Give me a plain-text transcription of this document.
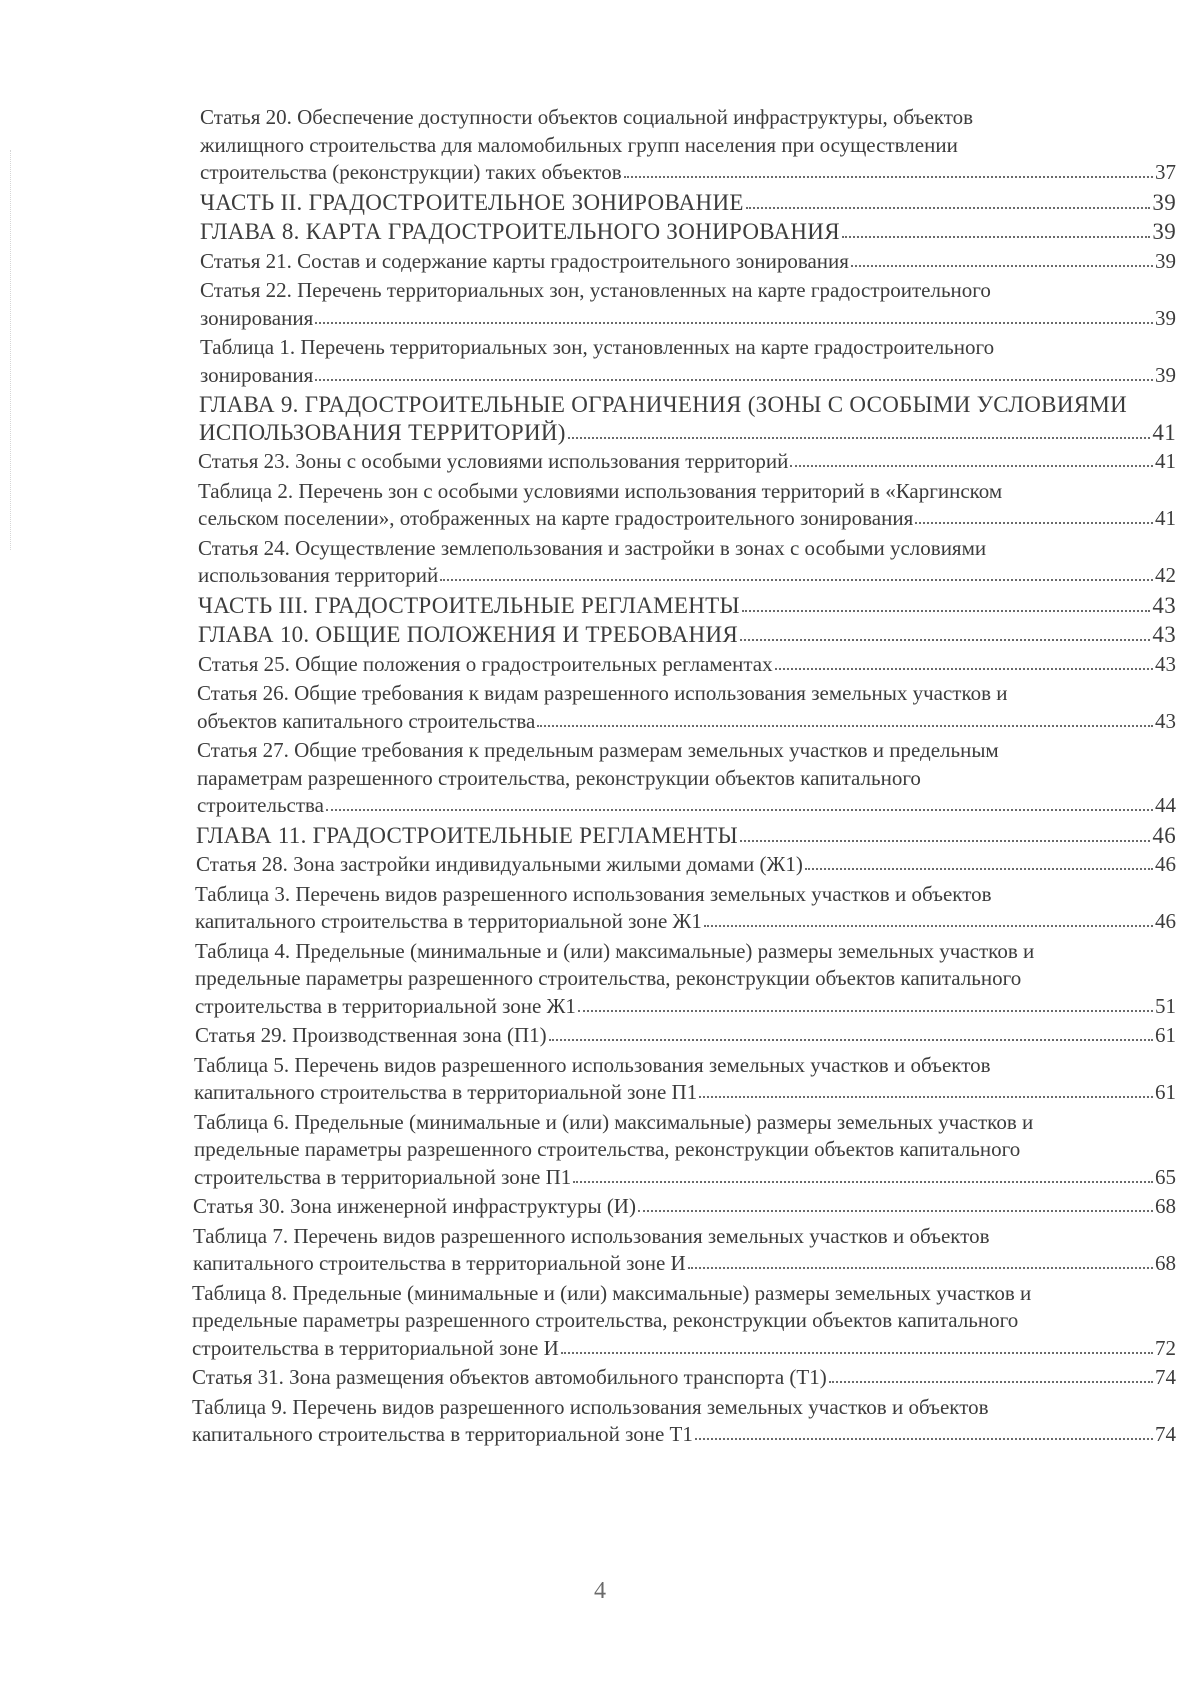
Статья 20. Обеспечение доступности объектов социальной инфраструктуры, объектов
жилищного строительства для маломобильных групп населения при осуществлении
строительства (реконструкции) таких объектов	37
ЧАСТЬ II. ГРАДОСТРОИТЕЛЬНОЕ ЗОНИРОВАНИЕ	39
ГЛАВА 8. КАРТА ГРАДОСТРОИТЕЛЬНОГО ЗОНИРОВАНИЯ	39
Статья 21. Состав и содержание карты градостроительного зонирования	39
Статья 22. Перечень территориальных зон, установленных на карте градостроительного
зонирования	39
Таблица 1. Перечень территориальных зон, установленных на карте градостроительного
зонирования	39
ГЛАВА 9. ГРАДОСТРОИТЕЛЬНЫЕ ОГРАНИЧЕНИЯ (ЗОНЫ С ОСОБЫМИ УСЛОВИЯМИ
ИСПОЛЬЗОВАНИЯ ТЕРРИТОРИЙ)	41
Статья 23. Зоны с особыми условиями использования территорий	41
Таблица 2. Перечень зон с особыми условиями использования территорий в «Каргинском
сельском поселении», отображенных на карте градостроительного зонирования	41
Статья 24. Осуществление землепользования и застройки в зонах с особыми условиями
использования территорий	42
ЧАСТЬ III. ГРАДОСТРОИТЕЛЬНЫЕ РЕГЛАМЕНТЫ	43
ГЛАВА 10. ОБЩИЕ ПОЛОЖЕНИЯ И ТРЕБОВАНИЯ	43
Статья 25. Общие положения о градостроительных регламентах	43
Статья 26. Общие требования к видам разрешенного использования земельных участков и
объектов капитального строительства	43
Статья 27. Общие требования к предельным размерам земельных участков и предельным
параметрам разрешенного строительства, реконструкции объектов капитального
строительства	44
ГЛАВА 11. ГРАДОСТРОИТЕЛЬНЫЕ РЕГЛАМЕНТЫ	46
Статья 28. Зона застройки индивидуальными жилыми домами (Ж1)	46
Таблица 3. Перечень видов разрешенного использования земельных участков и объектов
капитального строительства в территориальной зоне Ж1	46
Таблица 4. Предельные (минимальные и (или) максимальные) размеры земельных участков и
предельные параметры разрешенного строительства, реконструкции объектов капитального
строительства в территориальной зоне Ж1	51
Статья 29. Производственная зона (П1)	61
Таблица 5. Перечень видов разрешенного использования земельных участков и объектов
капитального строительства в территориальной зоне П1	61
Таблица 6. Предельные (минимальные и (или) максимальные) размеры земельных участков и
предельные параметры разрешенного строительства, реконструкции объектов капитального
строительства в территориальной зоне П1	65
Статья 30. Зона инженерной инфраструктуры (И)	68
Таблица 7. Перечень видов разрешенного использования земельных участков и объектов
капитального строительства в территориальной зоне И	68
Таблица 8. Предельные (минимальные и (или) максимальные) размеры земельных участков и
предельные параметры разрешенного строительства, реконструкции объектов капитального
строительства в территориальной зоне И	72
Статья 31. Зона размещения объектов автомобильного транспорта (Т1)	74
Таблица 9. Перечень видов разрешенного использования земельных участков и объектов
капитального строительства в территориальной зоне Т1	74
4
